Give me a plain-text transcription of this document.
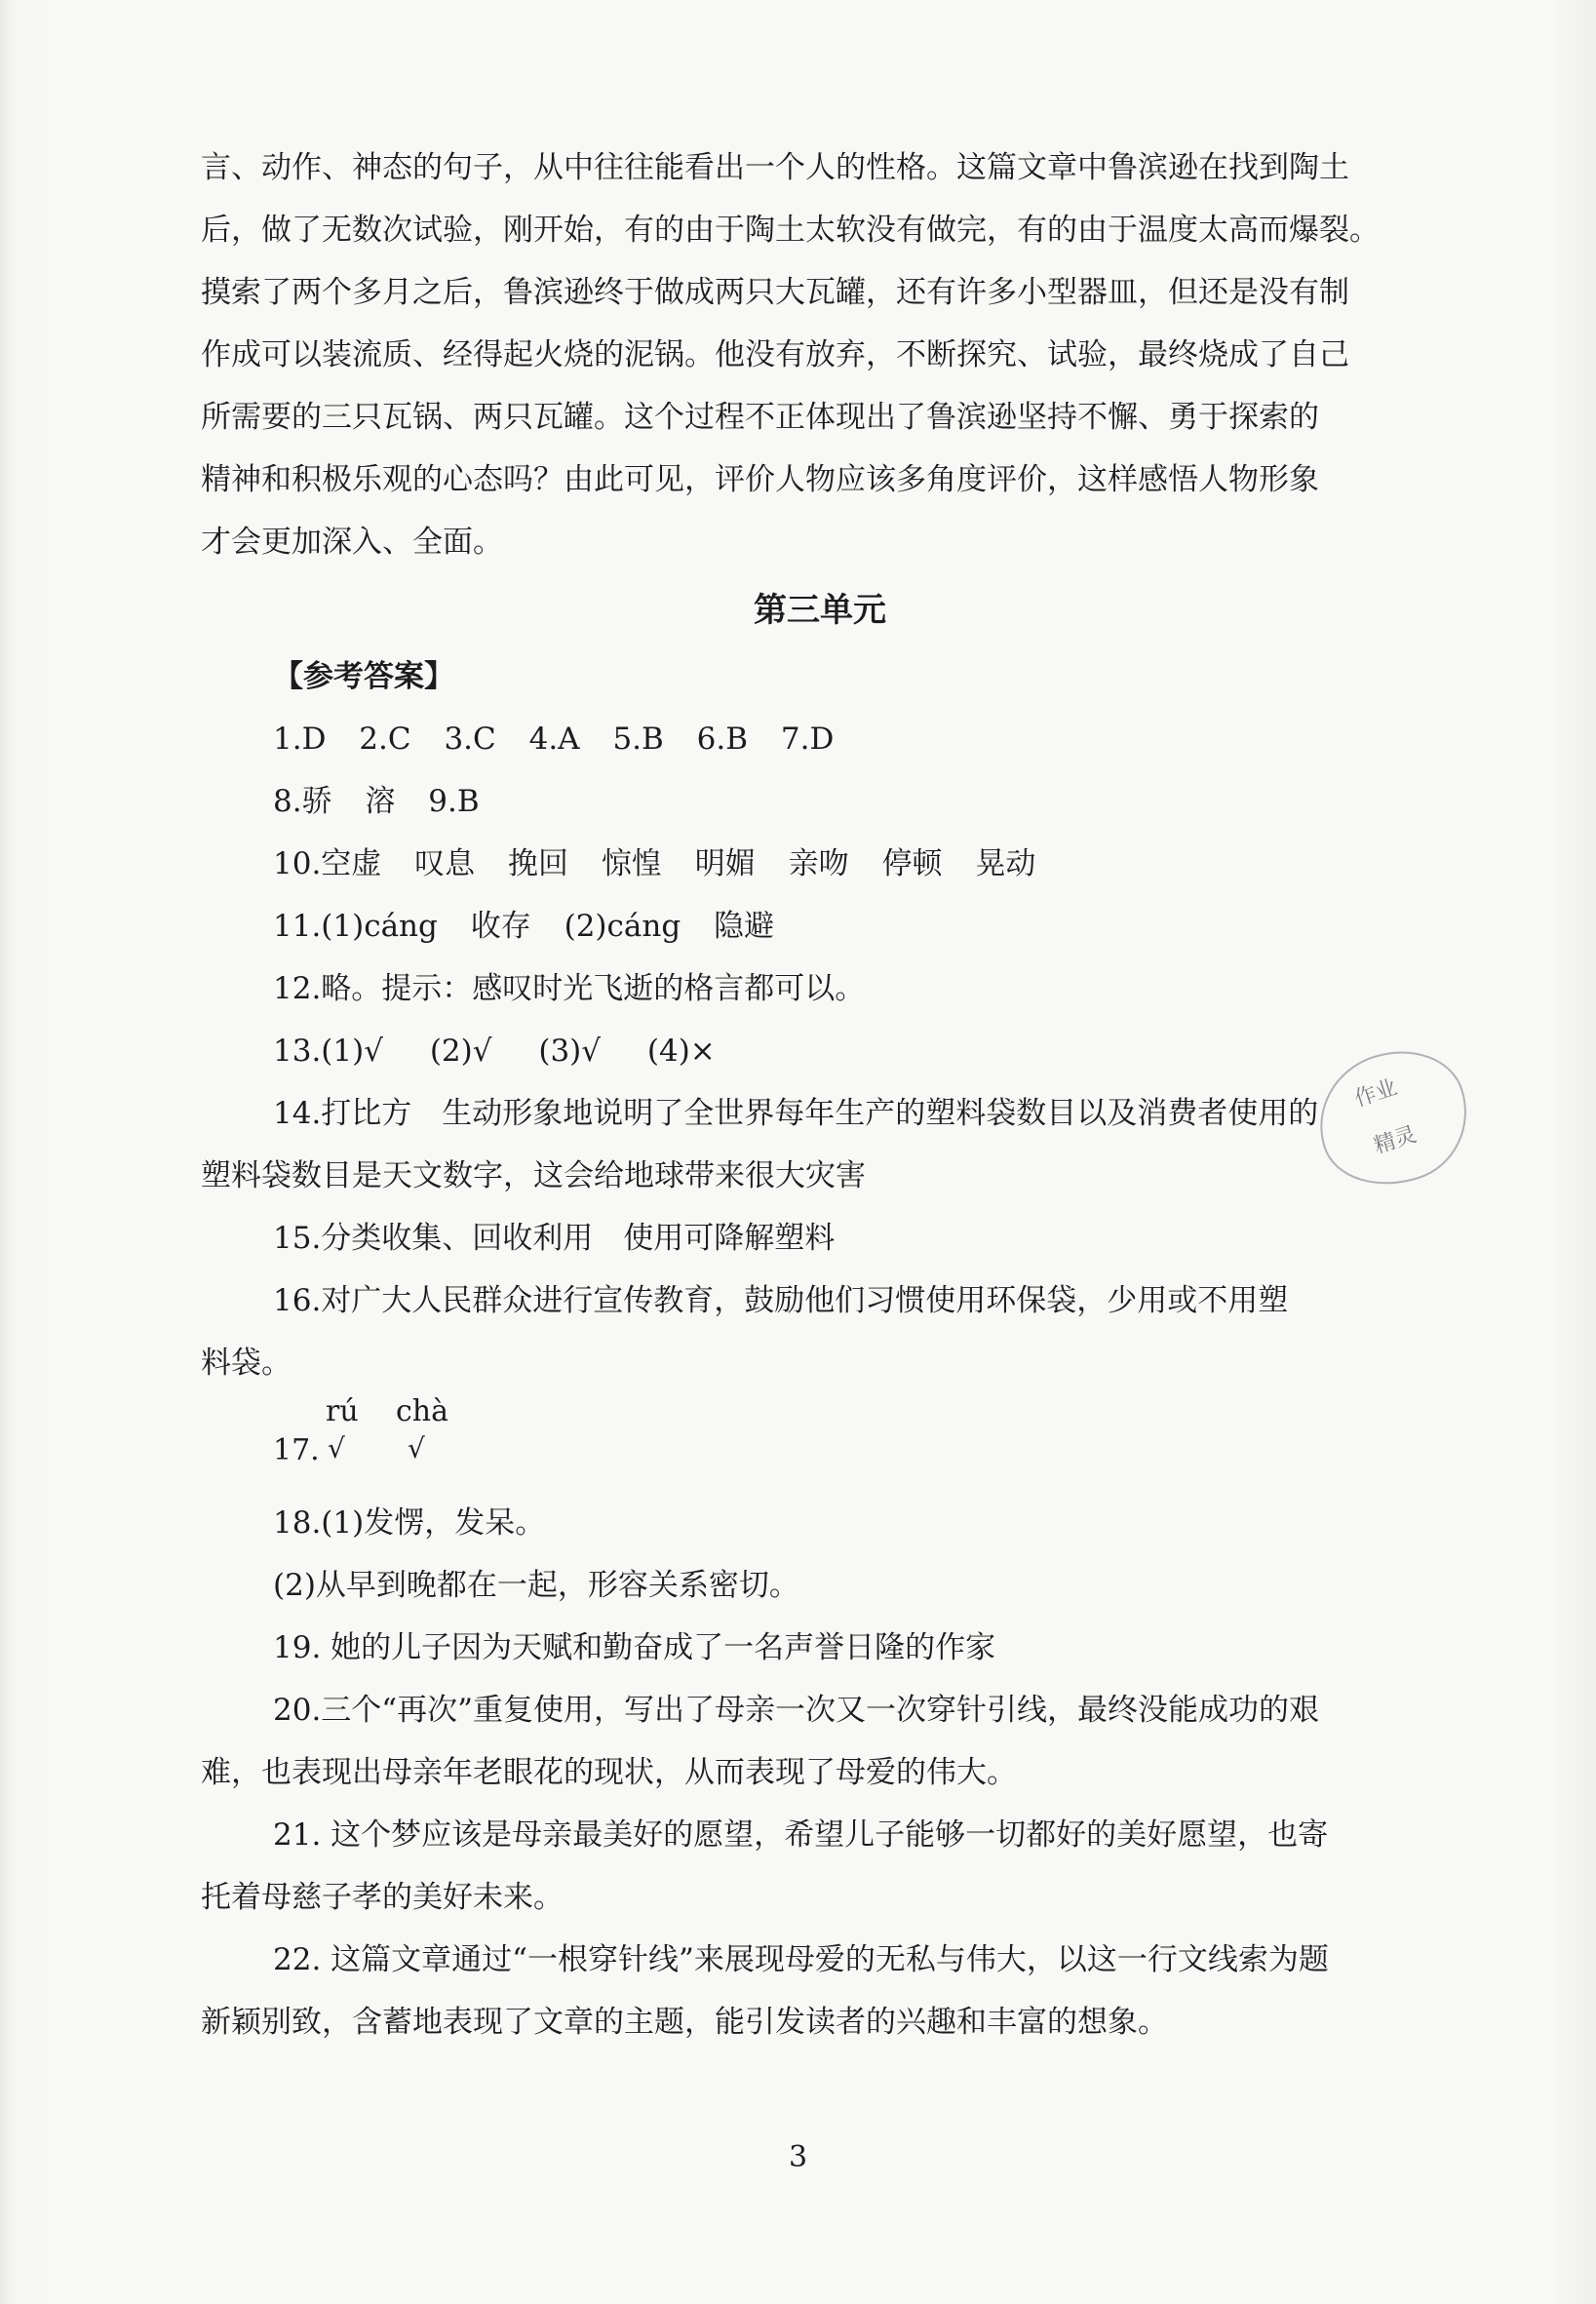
言、动作、神态的句子，从中往往能看出一个人的性格。这篇文章中鲁滨逊在找到陶土

后，做了无数次试验，刚开始，有的由于陶土太软没有做完，有的由于温度太高而爆裂。

摸索了两个多月之后，鲁滨逊终于做成两只大瓦罐，还有许多小型器皿，但还是没有制

作成可以装流质、经得起火烧的泥锅。他没有放弃，不断探究、试验，最终烧成了自己

所需要的三只瓦锅、两只瓦罐。这个过程不正体现出了鲁滨逊坚持不懈、勇于探索的

精神和积极乐观的心态吗？由此可见，评价人物应该多角度评价，这样感悟人物形象

才会更加深入、全面。

第三单元

【参考答案】

1.D 2.C 3.C 4.A 5.B 6.B 7.D

8.骄 溶 9.B

10.空虚 叹息 挽回 惊惶 明媚 亲吻 停顿 晃动

11.(1)cáng 收存 (2)cáng 隐避

12.略。提示：感叹时光飞逝的格言都可以。

13.(1)√ (2)√ (3)√ (4)×

14.打比方　生动形象地说明了全世界每年生产的塑料袋数目以及消费者使用的

塑料袋数目是天文数字，这会给地球带来很大灾害

15.分类收集、回收利用　使用可降解塑料

16.对广大人民群众进行宣传教育，鼓励他们习惯使用环保袋，少用或不用塑

料袋。

17.
rú chà
√ √

18.(1)发愣，发呆。

(2)从早到晚都在一起，形容关系密切。

19. 她的儿子因为天赋和勤奋成了一名声誉日隆的作家

20.三个“再次”重复使用，写出了母亲一次又一次穿针引线，最终没能成功的艰

难，也表现出母亲年老眼花的现状，从而表现了母爱的伟大。

21. 这个梦应该是母亲最美好的愿望，希望儿子能够一切都好的美好愿望，也寄

托着母慈子孝的美好未来。

22. 这篇文章通过“一根穿针线”来展现母爱的无私与伟大，以这一行文线索为题

新颖别致，含蓄地表现了文章的主题，能引发读者的兴趣和丰富的想象。

作业
精灵
3
